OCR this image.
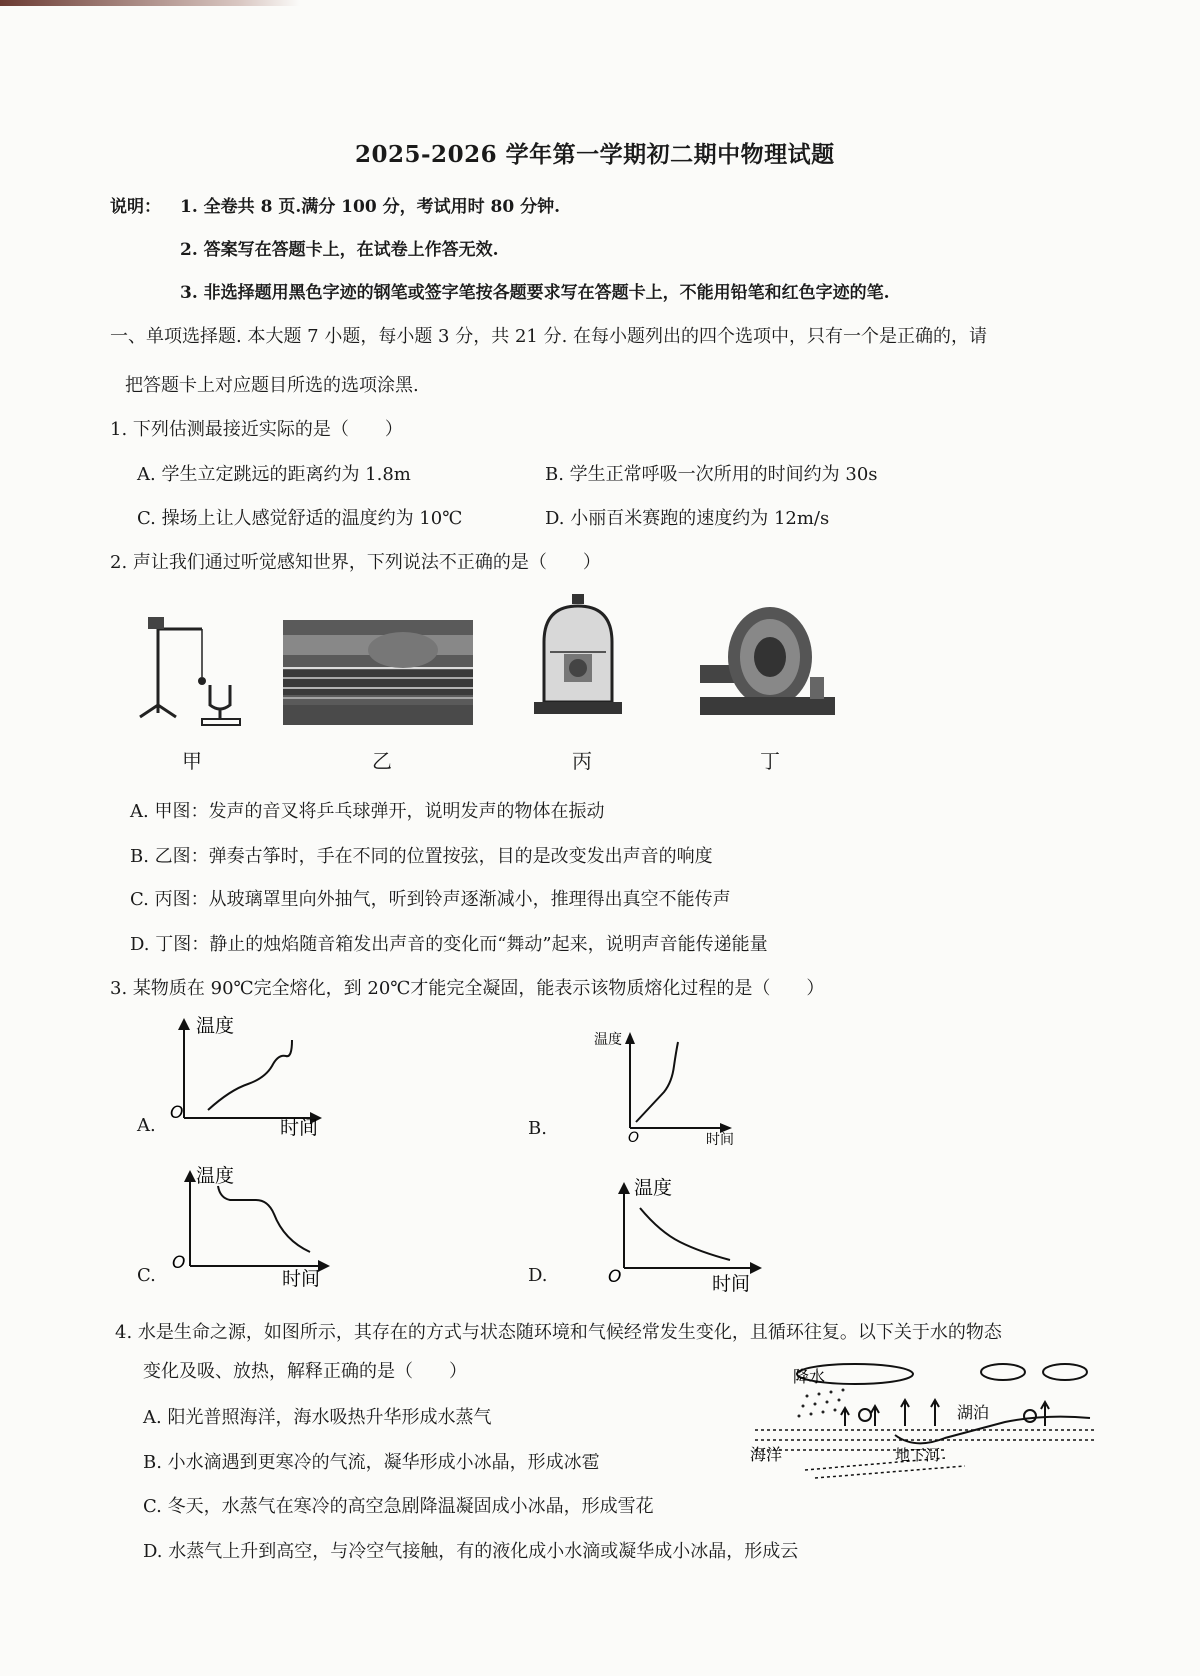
2025-2026 学年第一学期初二期中物理试题
说明： 1. 全卷共 8 页.满分 100 分，考试用时 80 分钟.
2. 答案写在答题卡上，在试卷上作答无效.
3. 非选择题用黑色字迹的钢笔或签字笔按各题要求写在答题卡上，不能用铅笔和红色字迹的笔.
一、单项选择题. 本大题 7 小题，每小题 3 分，共 21 分. 在每小题列出的四个选项中，只有一个是正确的，请
把答题卡上对应题目所选的选项涂黑.
1. 下列估测最接近实际的是（　　）
A. 学生立定跳远的距离约为 1.8m	B. 学生正常呼吸一次所用的时间约为 30s
C. 操场上让人感觉舒适的温度约为 10℃	D. 小丽百米赛跑的速度约为 12m/s
2. 声让我们通过听觉感知世界，下列说法不正确的是（　　）
甲	乙	丙	丁
A. 甲图：发声的音叉将乒乓球弹开，说明发声的物体在振动
B. 乙图：弹奏古筝时，手在不同的位置按弦，目的是改变发出声音的响度
C. 丙图：从玻璃罩里向外抽气，听到铃声逐渐减小，推理得出真空不能传声
D. 丁图：静止的烛焰随音箱发出声音的变化而“舞动”起来，说明声音能传递能量
3. 某物质在 90℃完全熔化，到 20℃才能完全凝固，能表示该物质熔化过程的是（　　）
A.
温度
时间
O
B.
温度
时间
O
C.
温度
时间
O
D.
温度
时间
O
4. 水是生命之源，如图所示，其存在的方式与状态随环境和气候经常发生变化，且循环往复。以下关于水的物态
变化及吸、放热，解释正确的是（　　）
A. 阳光普照海洋，海水吸热升华形成水蒸气
B. 小水滴遇到更寒冷的气流，凝华形成小冰晶，形成冰雹
C. 冬天，水蒸气在寒冷的高空急剧降温凝固成小冰晶，形成雪花
D. 水蒸气上升到高空，与冷空气接触，有的液化成小水滴或凝华成小冰晶，形成云
降水
海洋
湖泊
地下河
